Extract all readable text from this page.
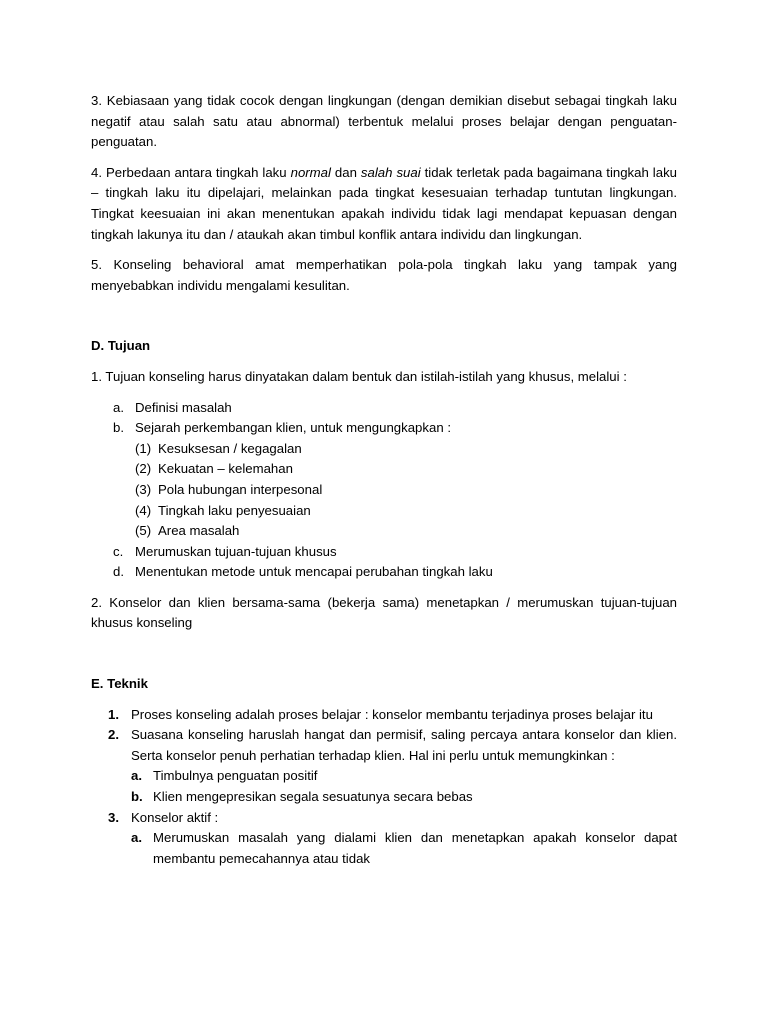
3. Kebiasaan yang tidak cocok dengan lingkungan (dengan demikian disebut sebagai tingkah laku negatif atau salah satu atau abnormal) terbentuk melalui proses belajar dengan penguatan-penguatan.

4. Perbedaan antara tingkah laku normal dan salah suai tidak terletak pada bagaimana tingkah laku – tingkah laku itu dipelajari, melainkan pada tingkat kesesuaian terhadap tuntutan lingkungan. Tingkat keesuaian ini akan menentukan apakah individu tidak lagi mendapat kepuasan dengan tingkah lakunya itu dan / ataukah akan timbul konflik antara individu dan lingkungan.

5. Konseling behavioral amat memperhatikan pola-pola tingkah laku yang tampak yang menyebabkan individu mengalami kesulitan.

D. Tujuan

1. Tujuan konseling harus dinyatakan dalam bentuk dan istilah-istilah yang khusus, melalui :

a. Definisi masalah
b. Sejarah perkembangan klien, untuk mengungkapkan :
(1) Kesuksesan / kegagalan
(2) Kekuatan – kelemahan
(3) Pola hubungan interpesonal
(4) Tingkah laku penyesuaian
(5) Area masalah
c. Merumuskan tujuan-tujuan khusus
d. Menentukan metode untuk mencapai perubahan tingkah laku

2. Konselor dan klien bersama-sama (bekerja sama) menetapkan / merumuskan tujuan-tujuan khusus konseling

E. Teknik

1. Proses konseling adalah proses belajar : konselor membantu terjadinya proses belajar itu
2. Suasana konseling haruslah hangat dan permisif, saling percaya antara konselor dan klien. Serta konselor penuh perhatian terhadap klien. Hal ini perlu untuk memungkinkan :
a. Timbulnya penguatan positif
b. Klien mengepresikan segala sesuatunya secara bebas
3. Konselor aktif :
a. Merumuskan masalah yang dialami klien dan menetapkan apakah konselor dapat membantu pemecahannya atau tidak
